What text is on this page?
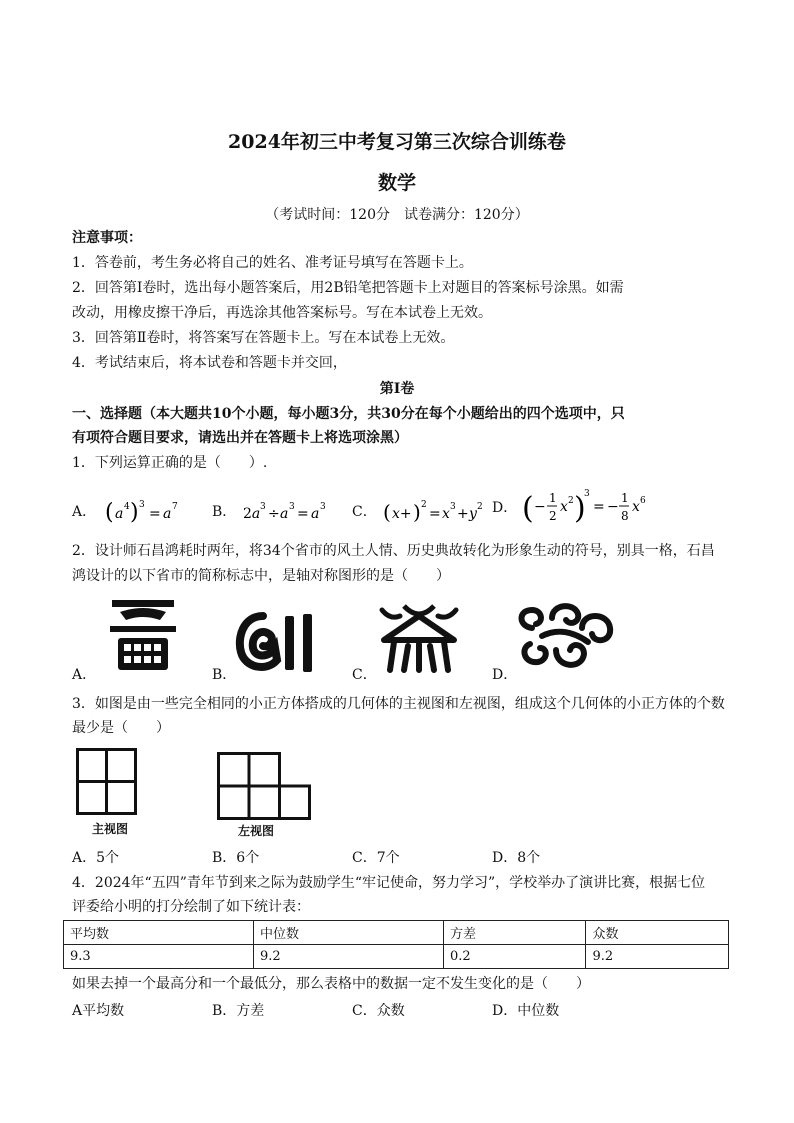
2024年初三中考复习第三次综合训练卷
数学
（考试时间：120分　试卷满分：120分）
注意事项：
1．答卷前，考生务必将自己的姓名、准考证号填写在答题卡上。
2．回答第Ⅰ卷时，选出每小题答案后，用2B铅笔把答题卡上对题目的答案标号涂黑。如需
改动，用橡皮擦干净后，再选涂其他答案标号。写在本试卷上无效。
3．回答第Ⅱ卷时，将答案写在答题卡上。写在本试卷上无效。
4．考试结束后，将本试卷和答题卡并交回，
第Ⅰ卷
一、选择题（本大题共10个小题，每小题3分，共30分在每个小题给出的四个选项中，只
有项符合题目要求，请选出并在答题卡上将选项涂黑）
1．下列运算正确的是（　　）.
A． ( a 4 ) 3
= a 7 B． 2a 3 ÷ a 3 = a 3 C． ( x+ ) 2
= x 3 + y 2 D． ( −
1
2
x 2 )
3
= −
1
8
x 6
2．设计师石昌鸿耗时两年，将34个省市的风土人情、历史典故转化为形象生动的符号，别具一格，石昌
鸿设计的以下省市的简称标志中，是轴对称图形的是（　　）
A．	B．	C．	D．
3．如图是由一些完全相同的小正方体搭成的几何体的主视图和左视图，组成这个几何体的小正方体的个数
最少是（　　）
主视图	左视图
A．5个	B．6个	C．7个	D．8个
4．2024年“五四”青年节到来之际为鼓励学生“牢记使命，努力学习”，学校举办了演讲比赛，根据七位
评委给小明的打分绘制了如下统计表：
平均数	中位数	方差	众数
9.3	9.2	0.2	9.2
如果去掉一个最高分和一个最低分，那么表格中的数据一定不发生变化的是（　　）
A平均数	B．方差	C．众数	D．中位数
